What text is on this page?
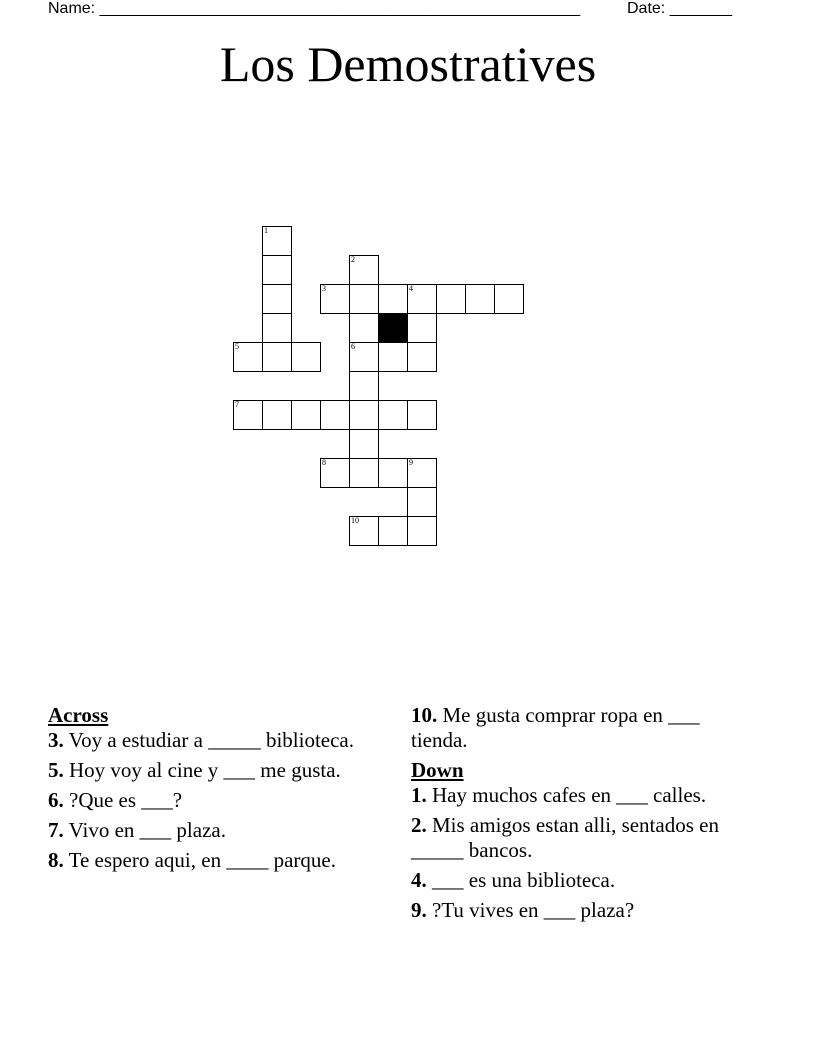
Name: ______________________________________________________	Date: _______
Los Demostratives
1
2
3	4
5	6
7
8	9
10
Across
3. Voy a estudiar a _____ biblioteca.
5. Hoy voy al cine y ___ me gusta.
6. ?Que es ___?
7. Vivo en ___ plaza.
8. Te espero aqui, en ____ parque.
10. Me gusta comprar ropa en ___ tienda.
Down
1. Hay muchos cafes en ___ calles.
2. Mis amigos estan alli, sentados en _____ bancos.
4. ___ es una biblioteca.
9. ?Tu vives en ___ plaza?
